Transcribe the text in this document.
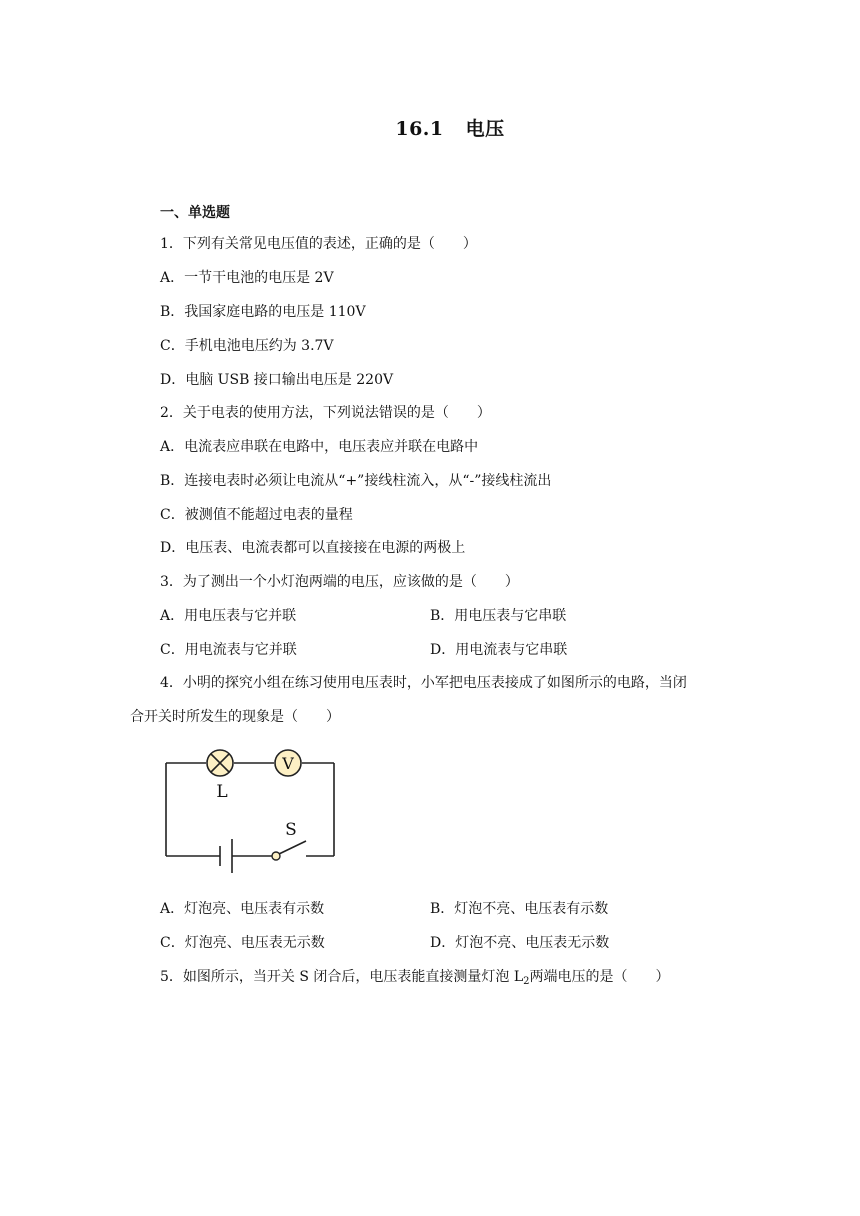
16.1 电压
一、单选题
1．下列有关常见电压值的表述，正确的是（　　）
A．一节干电池的电压是 2V
B．我国家庭电路的电压是 110V
C．手机电池电压约为 3.7V
D．电脑 USB 接口输出电压是 220V
2．关于电表的使用方法，下列说法错误的是（　　）
A．电流表应串联在电路中，电压表应并联在电路中
B．连接电表时必须让电流从“+”接线柱流入，从“-”接线柱流出
C．被测值不能超过电表的量程
D．电压表、电流表都可以直接接在电源的两极上
3．为了测出一个小灯泡两端的电压，应该做的是（　　）
A．用电压表与它并联	B．用电压表与它串联
C．用电流表与它并联	D．用电流表与它串联
4．小明的探究小组在练习使用电压表时，小军把电压表接成了如图所示的电路，当闭
合开关时所发生的现象是（　　）
V
L
S
A．灯泡亮、电压表有示数	B．灯泡不亮、电压表有示数
C．灯泡亮、电压表无示数	D．灯泡不亮、电压表无示数
5．如图所示，当开关 S 闭合后，电压表能直接测量灯泡 $L_2$两端电压的是（　　）
